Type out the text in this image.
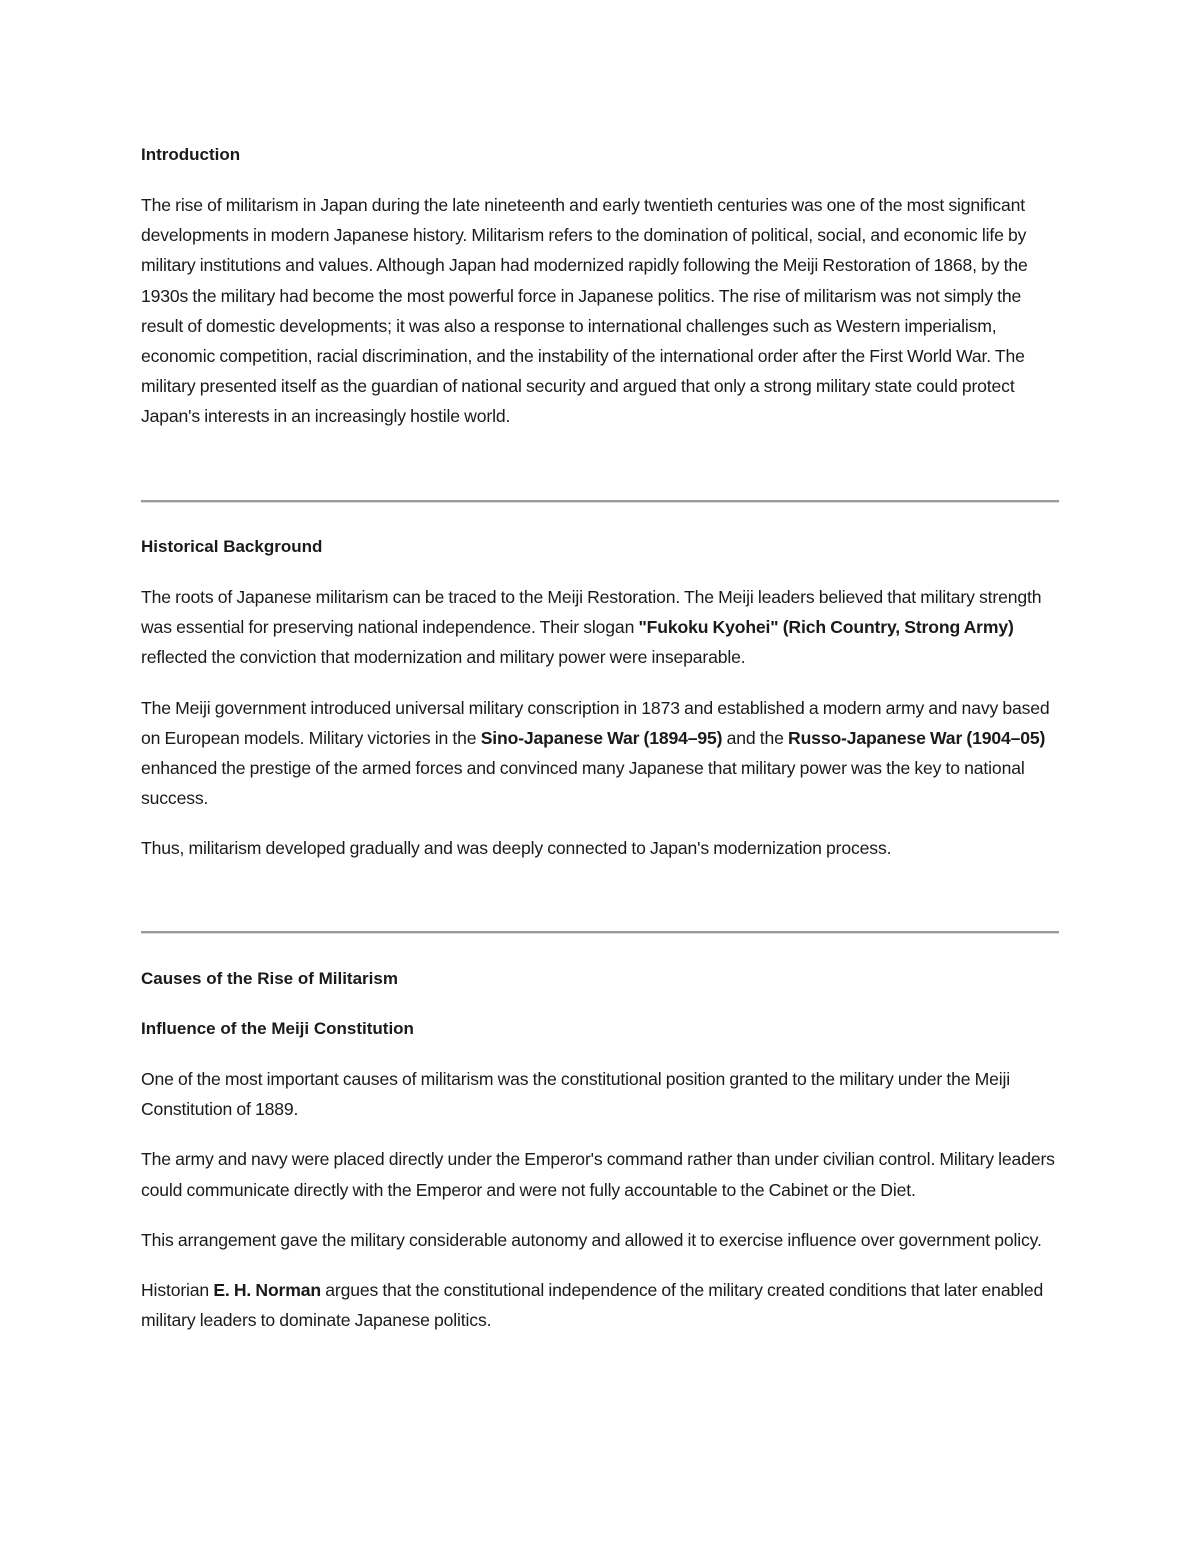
Introduction

The rise of militarism in Japan during the late nineteenth and early twentieth centuries was one of the most significant developments in modern Japanese history. Militarism refers to the domination of political, social, and economic life by military institutions and values. Although Japan had modernized rapidly following the Meiji Restoration of 1868, by the 1930s the military had become the most powerful force in Japanese politics. The rise of militarism was not simply the result of domestic developments; it was also a response to international challenges such as Western imperialism, economic competition, racial discrimination, and the instability of the international order after the First World War. The military presented itself as the guardian of national security and argued that only a strong military state could protect Japan's interests in an increasingly hostile world.

Historical Background

The roots of Japanese militarism can be traced to the Meiji Restoration. The Meiji leaders believed that military strength was essential for preserving national independence. Their slogan "Fukoku Kyohei" (Rich Country, Strong Army) reflected the conviction that modernization and military power were inseparable.

The Meiji government introduced universal military conscription in 1873 and established a modern army and navy based on European models. Military victories in the Sino-Japanese War (1894–95) and the Russo-Japanese War (1904–05) enhanced the prestige of the armed forces and convinced many Japanese that military power was the key to national success.

Thus, militarism developed gradually and was deeply connected to Japan's modernization process.

Causes of the Rise of Militarism
Influence of the Meiji Constitution

One of the most important causes of militarism was the constitutional position granted to the military under the Meiji Constitution of 1889.

The army and navy were placed directly under the Emperor's command rather than under civilian control. Military leaders could communicate directly with the Emperor and were not fully accountable to the Cabinet or the Diet.

This arrangement gave the military considerable autonomy and allowed it to exercise influence over government policy.

Historian E. H. Norman argues that the constitutional independence of the military created conditions that later enabled military leaders to dominate Japanese politics.
